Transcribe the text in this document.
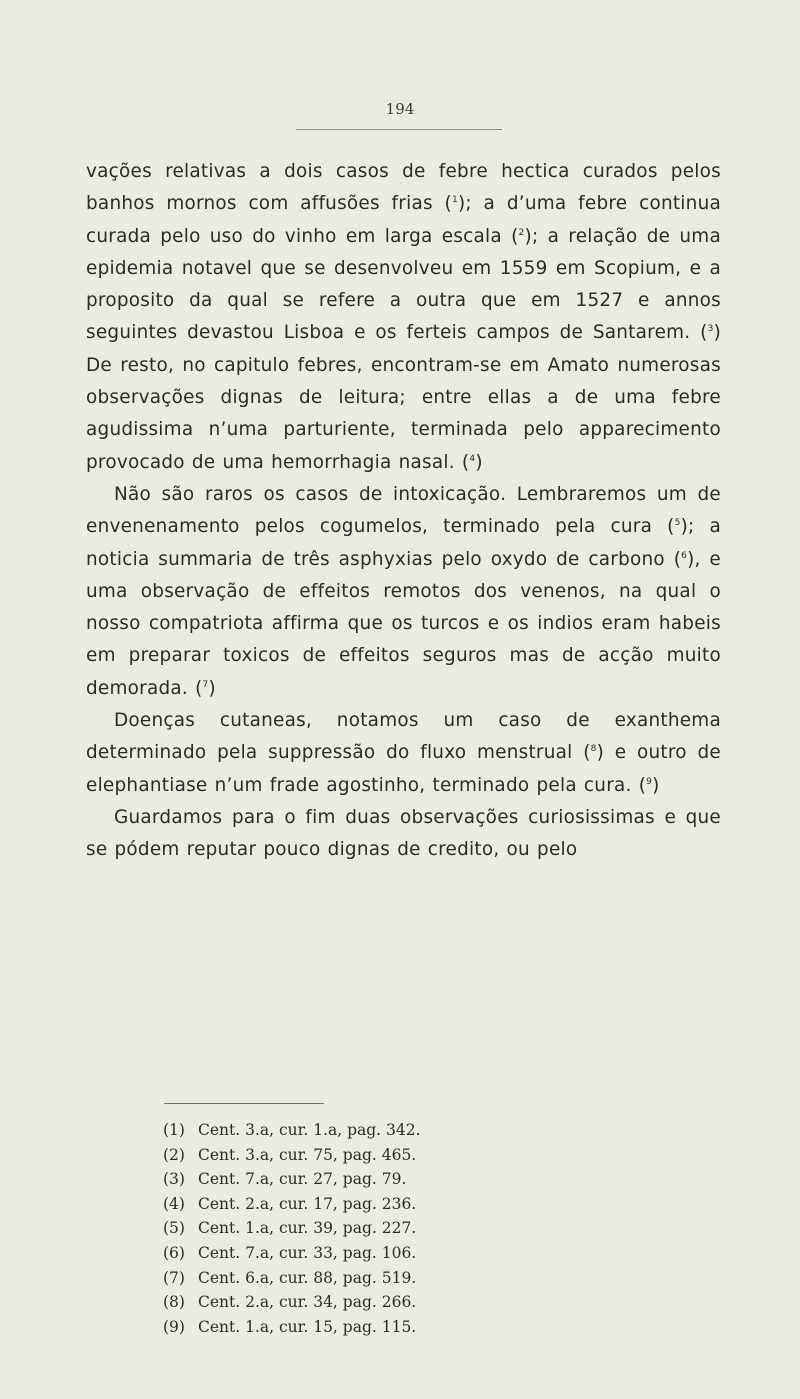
194

vações relativas a dois casos de febre hectica curados pelos banhos mornos com affusões frias ($^1$); a d’uma febre continua curada pelo uso do vinho em larga escala ($^2$); a relação de uma epidemia notavel que se desenvolveu em 1559 em Scopium, e a proposito da qual se refere a outra que em 1527 e annos seguintes devastou Lisboa e os ferteis campos de Santarem. ($^3$) De resto, no capitulo febres, encontram-se em Amato numerosas observações dignas de leitura; entre ellas a de uma febre agudissima n’uma parturiente, terminada pelo apparecimento provocado de uma hemorrhagia nasal. ($^4$)

Não são raros os casos de intoxicação. Lembraremos um de envenenamento pelos cogumelos, terminado pela cura ($^5$); a noticia summaria de três asphyxias pelo oxydo de carbono ($^6$), e uma observação de effeitos remotos dos venenos, na qual o nosso compatriota affirma que os turcos e os indios eram habeis em preparar toxicos de effeitos seguros mas de acção muito demorada. ($^7$)

Doenças cutaneas, notamos um caso de exanthema determinado pela suppressão do fluxo menstrual ($^8$) e outro de elephantiase n’um frade agostinho, terminado pela cura. ($^9$)

Guardamos para o fim duas observações curiosissimas e que se pódem reputar pouco dignas de credito, ou pelo

(1) Cent. 3.a, cur. 1.a, pag. 342.
(2) Cent. 3.a, cur. 75, pag. 465.
(3) Cent. 7.a, cur. 27, pag. 79.
(4) Cent. 2.a, cur. 17, pag. 236.
(5) Cent. 1.a, cur. 39, pag. 227.
(6) Cent. 7.a, cur. 33, pag. 106.
(7) Cent. 6.a, cur. 88, pag. 519.
(8) Cent. 2.a, cur. 34, pag. 266.
(9) Cent. 1.a, cur. 15, pag. 115.
